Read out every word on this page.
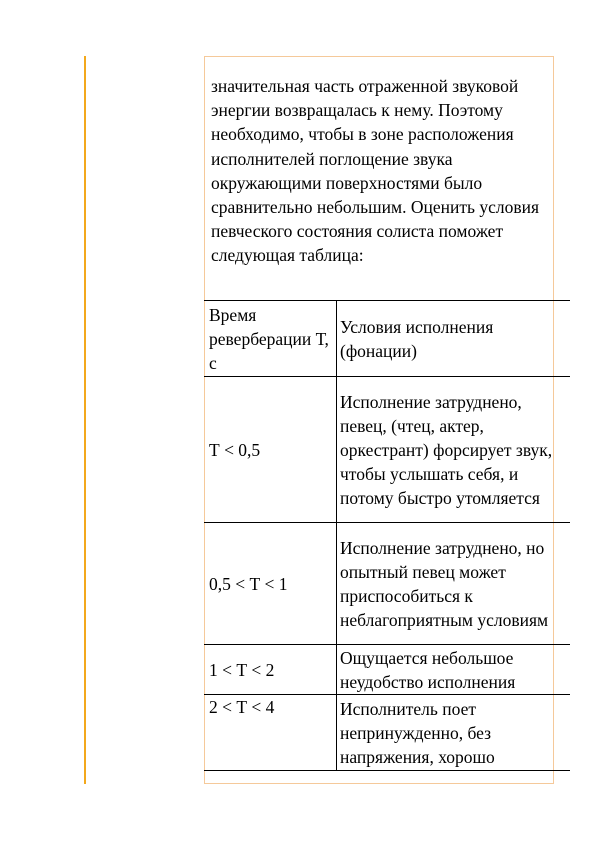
значительная часть отраженной звуковой энергии возвращалась к нему. Поэтому необходимо, чтобы в зоне расположения исполнителей поглощение звука окружающими поверхностями было сравнительно небольшим. Оценить условия певческого состояния солиста поможет следующая таблица:

Время реверберации Т, с	Условия исполнения (фонации)
Т < 0,5	Исполнение затруднено, певец, (чтец, актер, оркестрант) форсирует звук, чтобы услышать себя, и потому быстро утомляется
0,5 < Т < 1	Исполнение затруднено, но опытный певец может приспособиться к неблагоприятным условиям
1 < Т < 2	Ощущается небольшое неудобство исполнения
2 < Т < 4	Исполнитель поет непринужденно, без напряжения, хорошо
